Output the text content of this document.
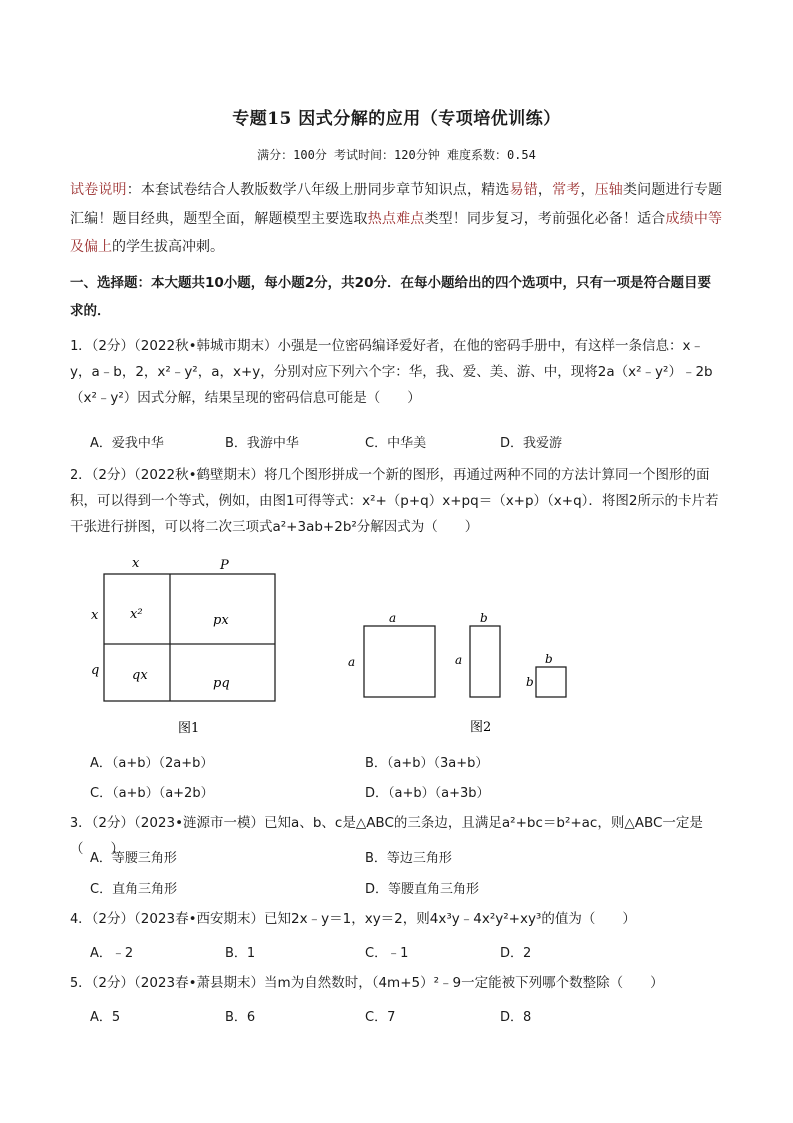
专题15 因式分解的应用（专项培优训练）
满分：100分 考试时间：120分钟 难度系数：0.54
试卷说明：本套试卷结合人教版数学八年级上册同步章节知识点，精选易错，常考，压轴类问题进行专题汇编！题目经典，题型全面，解题模型主要选取热点难点类型！同步复习，考前强化必备！适合成绩中等及偏上的学生拔高冲刺。
一、选择题：本大题共10小题，每小题2分，共20分．在每小题给出的四个选项中，只有一项是符合题目要求的．
1．（2分）（2022秋•韩城市期末）小强是一位密码编译爱好者，在他的密码手册中，有这样一条信息：x﹣y，a﹣b，2，x²﹣y²，a，x+y，分别对应下列六个字：华，我、爱、美、游、中，现将2a（x²﹣y²）﹣2b（x²﹣y²）因式分解，结果呈现的密码信息可能是（　　）
A．爱我中华	B．我游中华	C．中华美	D．我爱游
2．（2分）（2022秋•鹤壁期末）将几个图形拼成一个新的图形，再通过两种不同的方法计算同一个图形的面积，可以得到一个等式，例如，由图1可得等式：x²+（p+q）x+pq＝（x+p）（x+q）．将图2所示的卡片若干张进行拼图，可以将二次三项式a²+3ab+2b²分解因式为（　　）
x	P
x
q
x²	px
qx
pq
图1
a
a
b
a	b
b
图2
A．（a+b）（2a+b）	B．（a+b）（3a+b）
C．（a+b）（a+2b）	D．（a+b）（a+3b）
3．（2分）（2023•涟源市一模）已知a、b、c是△ABC的三条边，且满足a²+bc＝b²+ac，则△ABC一定是（　　）
A．等腰三角形	B．等边三角形
C．直角三角形	D．等腰直角三角形
4．（2分）（2023春•西安期末）已知2x﹣y＝1，xy＝2，则4x³y﹣4x²y²+xy³的值为（　　）
A．﹣2	B．1	C．﹣1	D．2
5．（2分）（2023春•萧县期末）当m为自然数时，（4m+5）²﹣9一定能被下列哪个数整除（　　）
A．5	B．6	C．7	D．8
